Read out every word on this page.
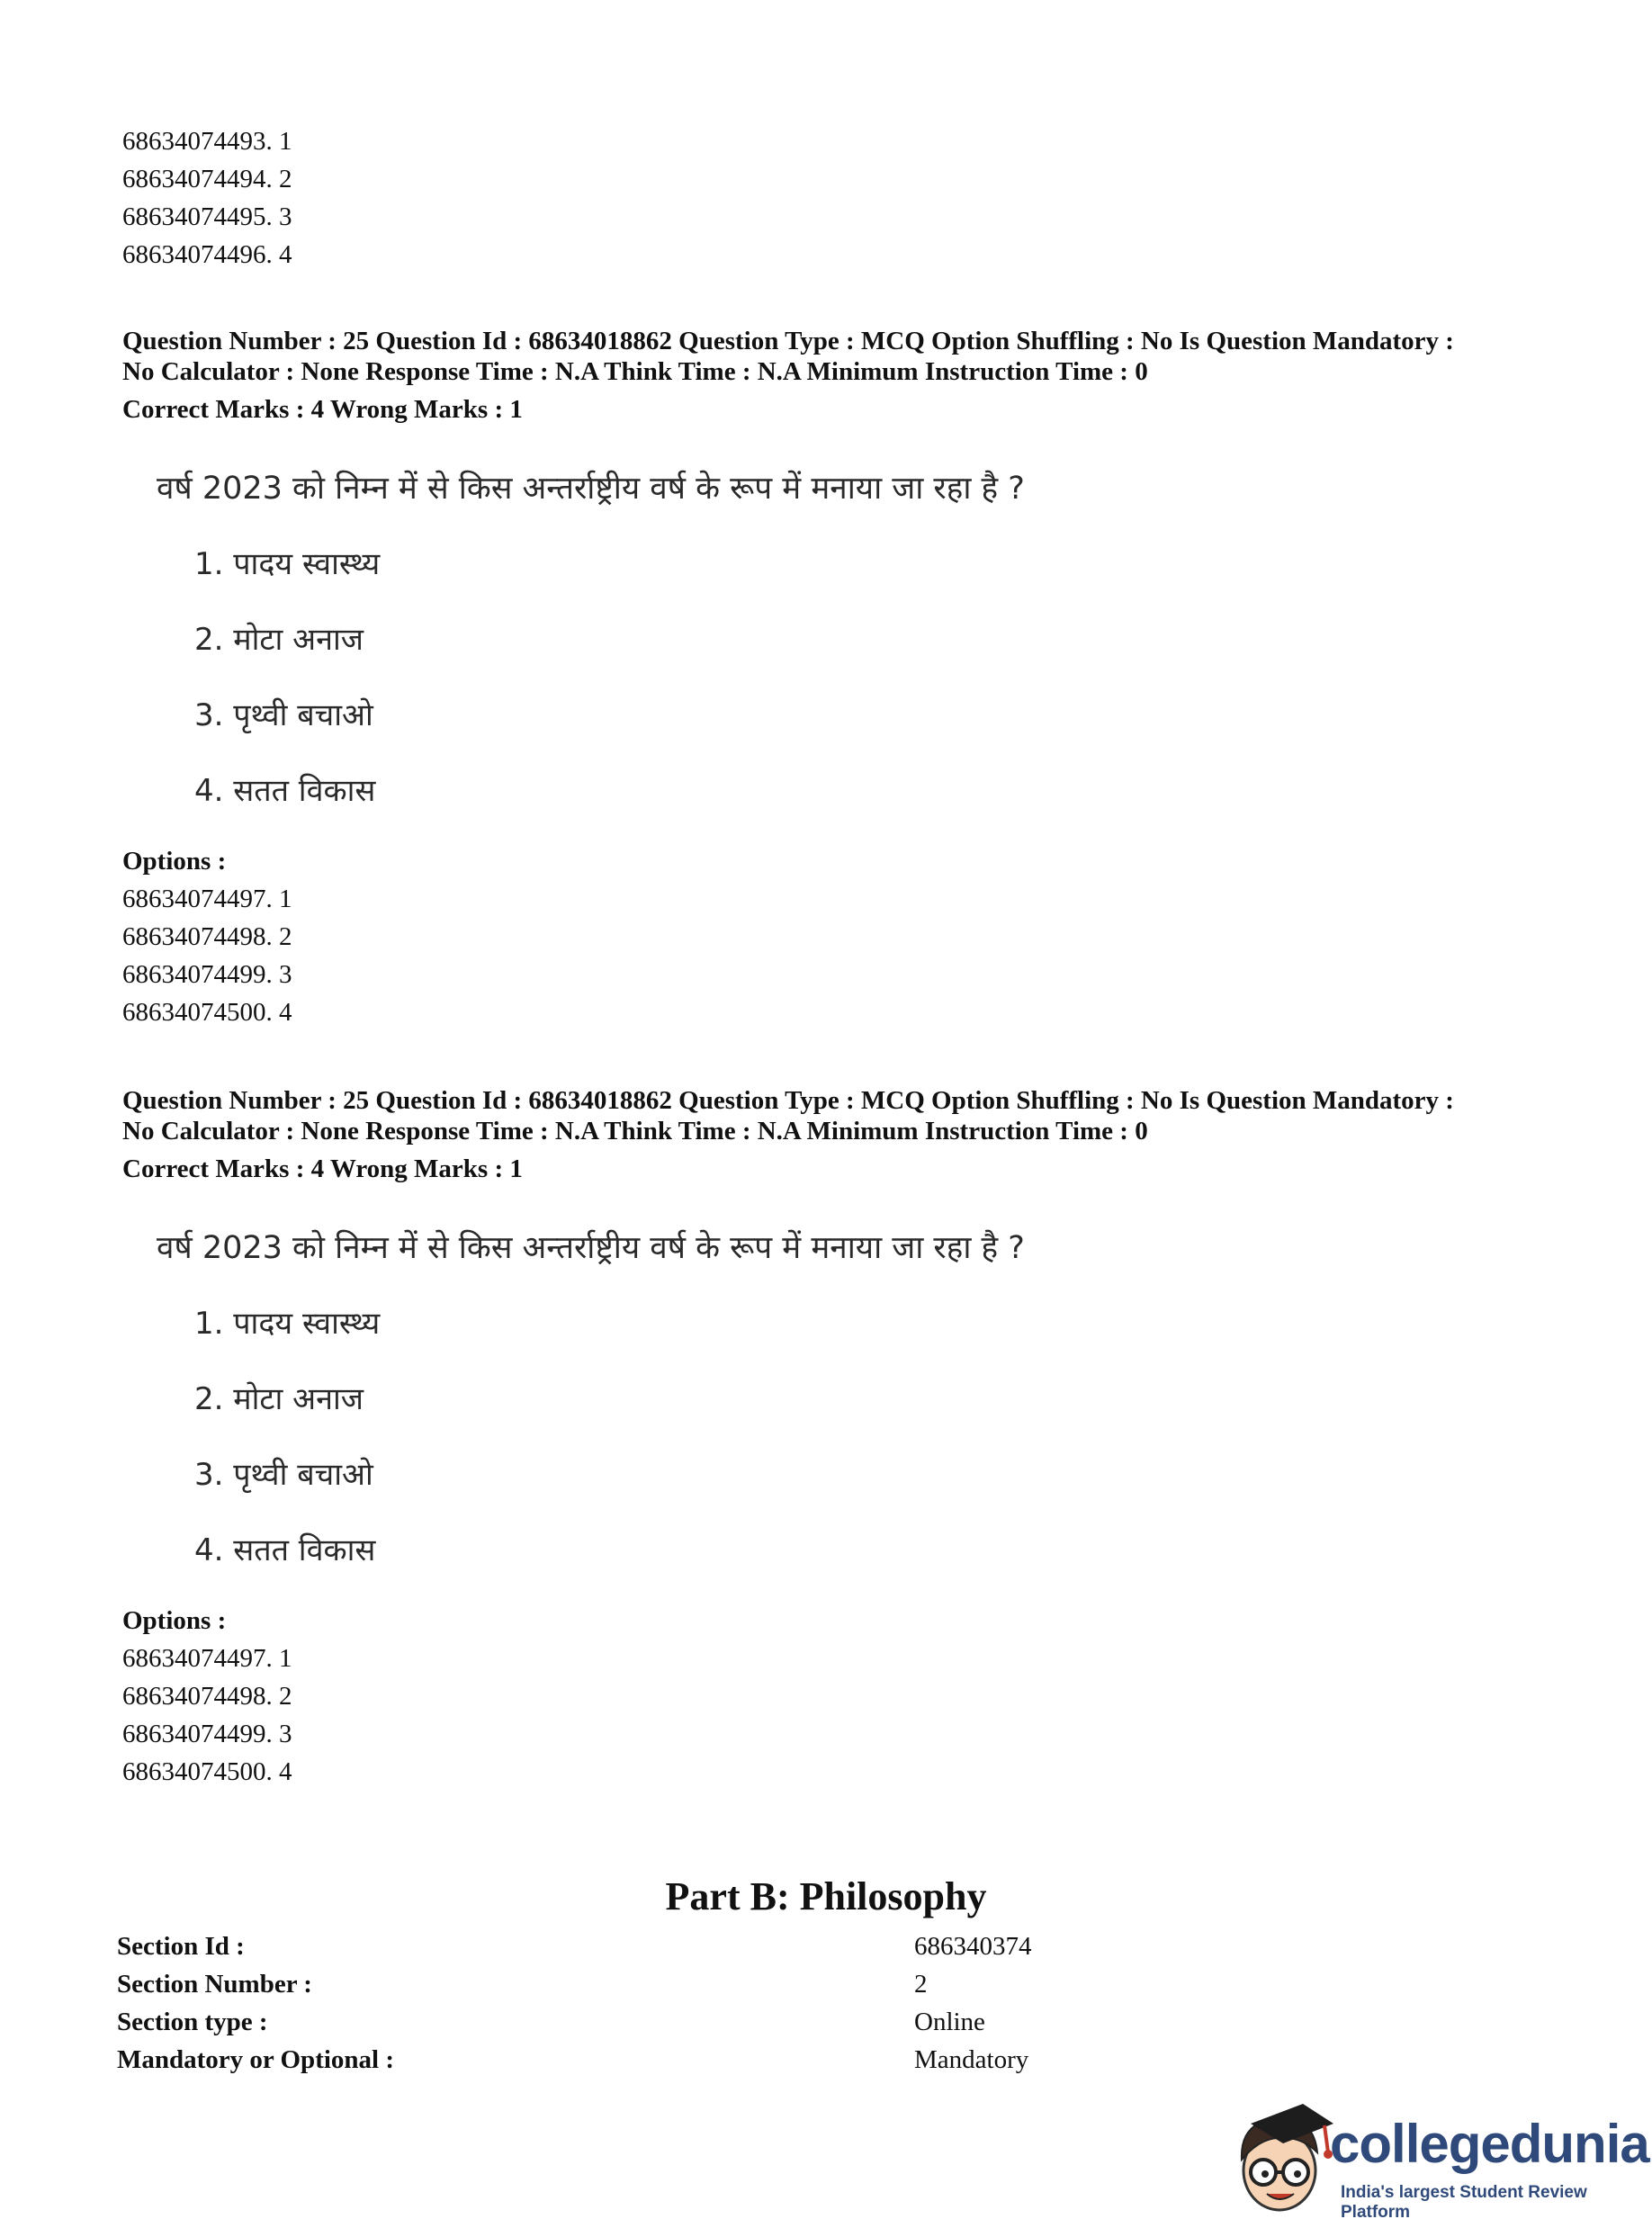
68634074493. 1
68634074494. 2
68634074495. 3
68634074496. 4
Question Number : 25 Question Id : 68634018862 Question Type : MCQ Option Shuffling : No Is Question Mandatory :
No Calculator : None Response Time : N.A Think Time : N.A Minimum Instruction Time : 0
Correct Marks : 4 Wrong Marks : 1
वर्ष 2023 को निम्न में से किस अन्तर्राष्ट्रीय वर्ष के रूप में मनाया जा रहा है ?
1. पादय स्वास्थ्य
2. मोटा अनाज
3. पृथ्वी बचाओ
4. सतत विकास
Options :
68634074497. 1
68634074498. 2
68634074499. 3
68634074500. 4
Question Number : 25 Question Id : 68634018862 Question Type : MCQ Option Shuffling : No Is Question Mandatory :
No Calculator : None Response Time : N.A Think Time : N.A Minimum Instruction Time : 0
Correct Marks : 4 Wrong Marks : 1
वर्ष 2023 को निम्न में से किस अन्तर्राष्ट्रीय वर्ष के रूप में मनाया जा रहा है ?
1. पादय स्वास्थ्य
2. मोटा अनाज
3. पृथ्वी बचाओ
4. सतत विकास
Options :
68634074497. 1
68634074498. 2
68634074499. 3
68634074500. 4
Part B: Philosophy
Section Id :	686340374
Section Number :	2
Section type :	Online
Mandatory or Optional :	Mandatory
collegedunia
India's largest Student Review Platform
